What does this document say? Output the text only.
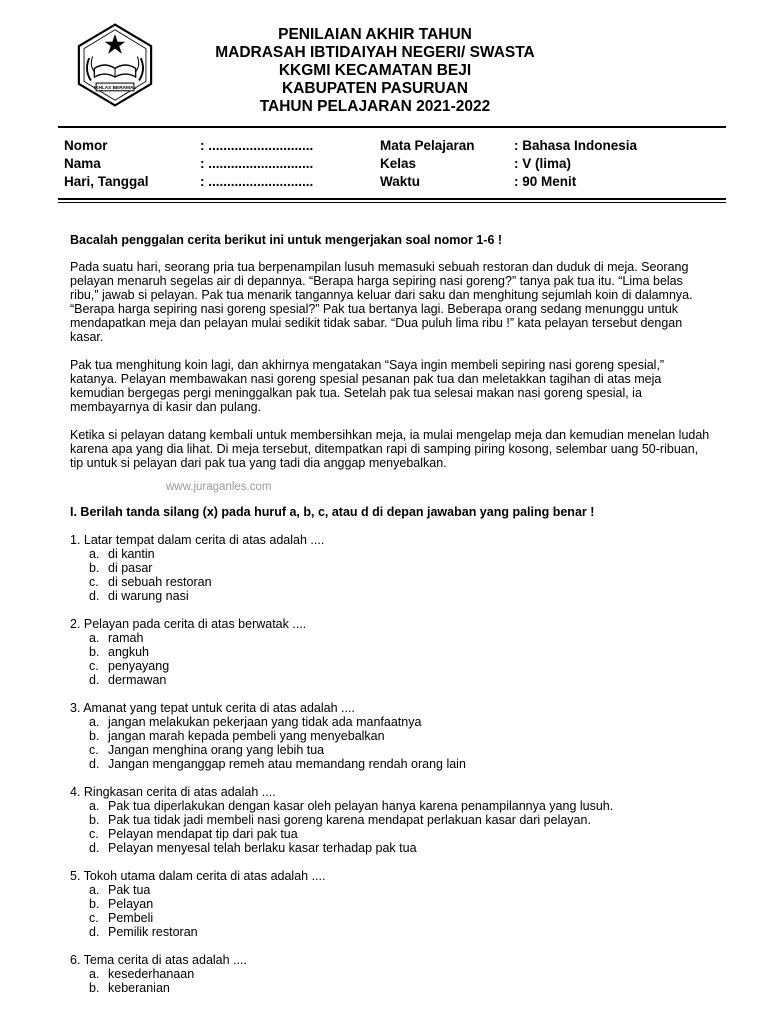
IKHLAS BERAMAL
PENILAIAN AKHIR TAHUN
MADRASAH IBTIDAIYAH NEGERI/ SWASTA
KKGMI KECAMATAN BEJI
KABUPATEN PASURUAN
TAHUN PELAJARAN 2021-2022
Nomor	: ............................
Nama	: ............................
Hari, Tanggal	: ............................
Mata Pelajaran	: Bahasa Indonesia
Kelas	: V (lima)
Waktu	: 90 Menit

Bacalah penggalan cerita berikut ini untuk mengerjakan soal nomor 1-6 !

Pada suatu hari, seorang pria tua berpenampilan lusuh memasuki sebuah restoran dan duduk di meja. Seorang pelayan menaruh segelas air di depannya. “Berapa harga sepiring nasi goreng?” tanya pak tua itu. “Lima belas ribu,” jawab si pelayan. Pak tua menarik tangannya keluar dari saku dan menghitung sejumlah koin di dalamnya. “Berapa harga sepiring nasi goreng spesial?” Pak tua bertanya lagi. Beberapa orang sedang menunggu untuk mendapatkan meja dan pelayan mulai sedikit tidak sabar. “Dua puluh lima ribu !” kata pelayan tersebut dengan kasar.

Pak tua menghitung koin lagi, dan akhirnya mengatakan “Saya ingin membeli sepiring nasi goreng spesial,” katanya. Pelayan membawakan nasi goreng spesial pesanan pak tua dan meletakkan tagihan di atas meja kemudian bergegas pergi meninggalkan pak tua. Setelah pak tua selesai makan nasi goreng spesial, ia membayarnya di kasir dan pulang.

Ketika si pelayan datang kembali untuk membersihkan meja, ia mulai mengelap meja dan kemudian menelan ludah karena apa yang dia lihat. Di meja tersebut, ditempatkan rapi di samping piring kosong, selembar uang 50-ribuan, tip untuk si pelayan dari pak tua yang tadi dia anggap menyebalkan.

www.juraganles.com

I. Berilah tanda silang (x) pada huruf a, b, c, atau d di depan jawaban yang paling benar !

1. Latar tempat dalam cerita di atas adalah ....

a. di kantin
b. di pasar
c. di sebuah restoran
d. di warung nasi

2. Pelayan pada cerita di atas berwatak ....

a. ramah
b. angkuh
c. penyayang
d. dermawan

3. Amanat yang tepat untuk cerita di atas adalah ....

a. jangan melakukan pekerjaan yang tidak ada manfaatnya
b. jangan marah kepada pembeli yang menyebalkan
c. Jangan menghina orang yang lebih tua
d. Jangan menganggap remeh atau memandang rendah orang lain

4. Ringkasan cerita di atas adalah ....

a. Pak tua diperlakukan dengan kasar oleh pelayan hanya karena penampilannya yang lusuh.
b. Pak tua tidak jadi membeli nasi goreng karena mendapat perlakuan kasar dari pelayan.
c. Pelayan mendapat tip dari pak tua
d. Pelayan menyesal telah berlaku kasar terhadap pak tua

5. Tokoh utama dalam cerita di atas adalah ....

a. Pak tua
b. Pelayan
c. Pembeli
d. Pemilik restoran

6. Tema cerita di atas adalah ....

a. kesederhanaan
b. keberanian
